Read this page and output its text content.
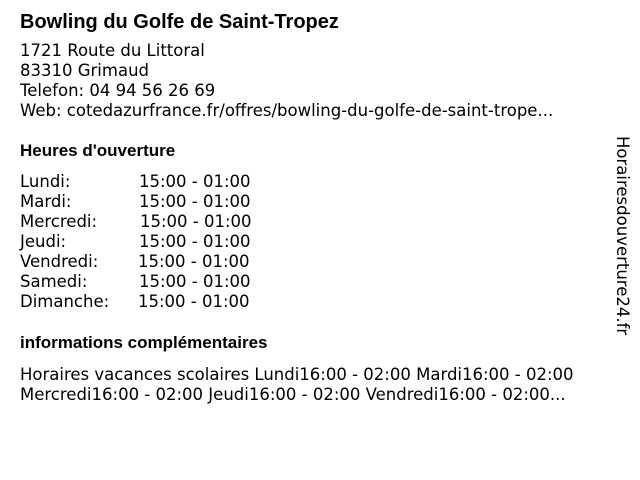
Bowling du Golfe de Saint-Tropez
1721 Route du Littoral
83310 Grimaud
Telefon: 04 94 56 26 69
Web: cotedazurfrance.fr/offres/bowling-du-golfe-de-saint-trope...
Heures d'ouverture
Lundi:	15:00 - 01:00
Mardi:	15:00 - 01:00
Mercredi:	15:00 - 01:00
Jeudi:	15:00 - 01:00
Vendredi: 15:00 - 01:00
Samedi:	15:00 - 01:00
Dimanche: 15:00 - 01:00
informations complémentaires
Horaires vacances scolaires Lundi16:00 - 02:00 Mardi16:00 - 02:00
Mercredi16:00 - 02:00 Jeudi16:00 - 02:00 Vendredi16:00 - 02:00...
Horairesdouverture24.fr
